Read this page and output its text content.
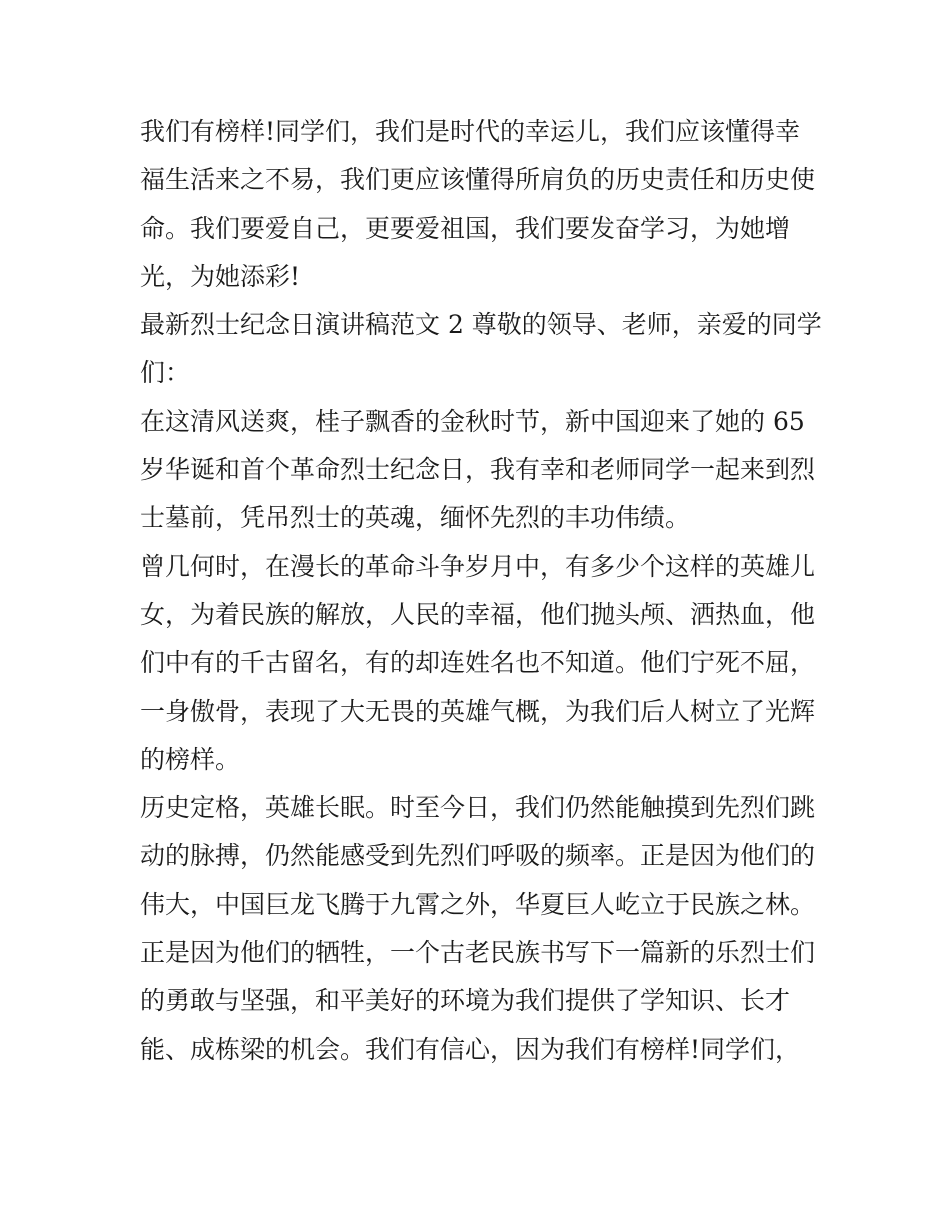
我们有榜样!同学们，我们是时代的幸运儿，我们应该懂得幸
福生活来之不易，我们更应该懂得所肩负的历史责任和历史使
命。我们要爱自己，更要爱祖国，我们要发奋学习，为她增
光，为她添彩!
最新烈士纪念日演讲稿范文 2 尊敬的领导、老师，亲爱的同学
们：
在这清风送爽，桂子飘香的金秋时节，新中国迎来了她的 65
岁华诞和首个革命烈士纪念日，我有幸和老师同学一起来到烈
士墓前，凭吊烈士的英魂，缅怀先烈的丰功伟绩。
曾几何时，在漫长的革命斗争岁月中，有多少个这样的英雄儿
女，为着民族的解放，人民的幸福，他们抛头颅、洒热血，他
们中有的千古留名，有的却连姓名也不知道。他们宁死不屈，
一身傲骨，表现了大无畏的英雄气概，为我们后人树立了光辉
的榜样。
历史定格，英雄长眠。时至今日，我们仍然能触摸到先烈们跳
动的脉搏，仍然能感受到先烈们呼吸的频率。正是因为他们的
伟大，中国巨龙飞腾于九霄之外，华夏巨人屹立于民族之林。
正是因为他们的牺牲，一个古老民族书写下一篇新的乐烈士们
的勇敢与坚强，和平美好的环境为我们提供了学知识、长才
能、成栋梁的机会。我们有信心，因为我们有榜样!同学们，
